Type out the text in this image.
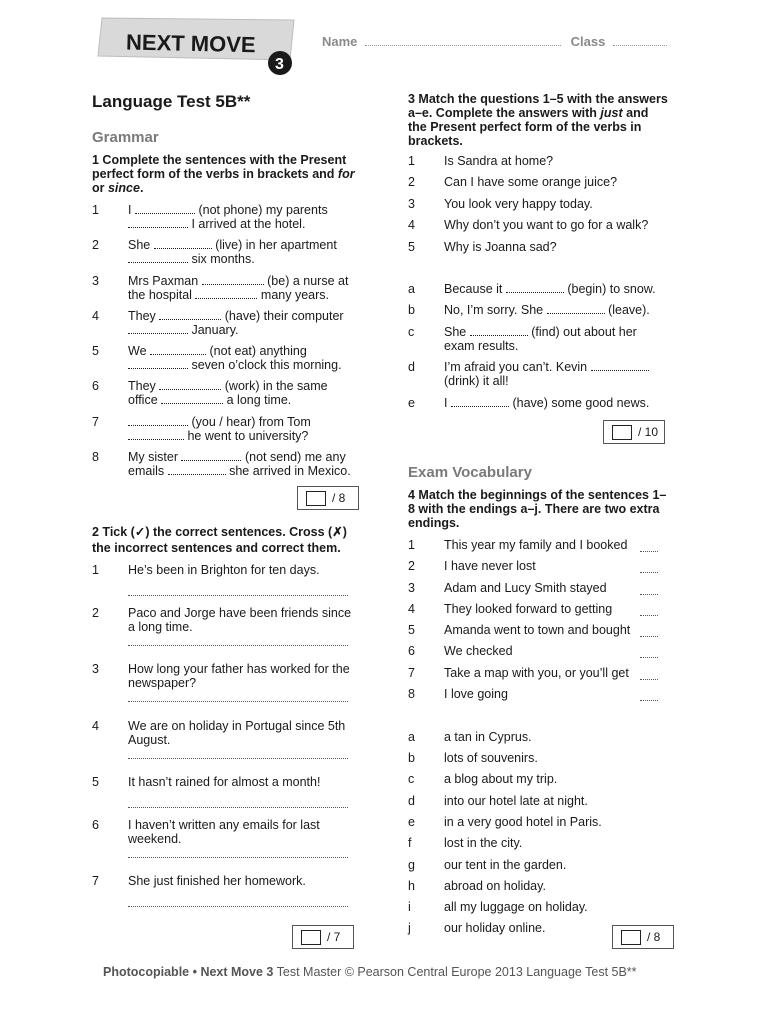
NEXT MOVE
3
Name	Class
Language Test 5B**
Grammar
1 Complete the sentences with the Present perfect form of the verbs in brackets and for or since.
1 I	(not phone) my parents
I arrived at the hotel.
2 She	(live) in her apartment
six months.
3 Mrs Paxman	(be) a nurse at
the hospital	many years.
4 They	(have) their computer
January.
5 We	(not eat) anything
seven o’clock this morning.
6 They	(work) in the same
office	a long time.
7	(you / hear) from Tom
he went to university?
8 My sister	(not send) me any
emails	she arrived in Mexico.
/ 8
2 Tick (✓) the correct sentences. Cross (✗)
the incorrect sentences and correct them.
1 He’s been in Brighton for ten days.
2 Paco and Jorge have been friends since
a long time.
3 How long your father has worked for the
newspaper?
4 We are on holiday in Portugal since 5th
August.
5 It hasn’t rained for almost a month!
6 I haven’t written any emails for last
weekend.
7 She just finished her homework.
/ 7
3 Match the questions 1–5 with the answers a–e. Complete the answers with just and the Present perfect form of the verbs in brackets.
1 Is Sandra at home?
2 Can I have some orange juice?
3 You look very happy today.
4 Why don’t you want to go for a walk?
5 Why is Joanna sad?
a Because it	(begin) to snow.
b No, I’m sorry. She	(leave).
c She	(find) out about her
exam results.
d I’m afraid you can’t. Kevin
(drink) it all!
e I	(have) some good news.
/ 10
Exam Vocabulary
4 Match the beginnings of the sentences 1–8 with the endings a–j. There are two extra endings.
1 This year my family and I booked
2 I have never lost
3 Adam and Lucy Smith stayed
4 They looked forward to getting
5 Amanda went to town and bought
6 We checked
7 Take a map with you, or you’ll get
8 I love going
a a tan in Cyprus.
b lots of souvenirs.
c a blog about my trip.
d into our hotel late at night.
e in a very good hotel in Paris.
f	lost in the city.
g our tent in the garden.
h abroad on holiday.
i	all my luggage on holiday.
j	our holiday online.
/ 8
Photocopiable • Next Move 3 Test Master © Pearson Central Europe 2013 Language Test 5B**
